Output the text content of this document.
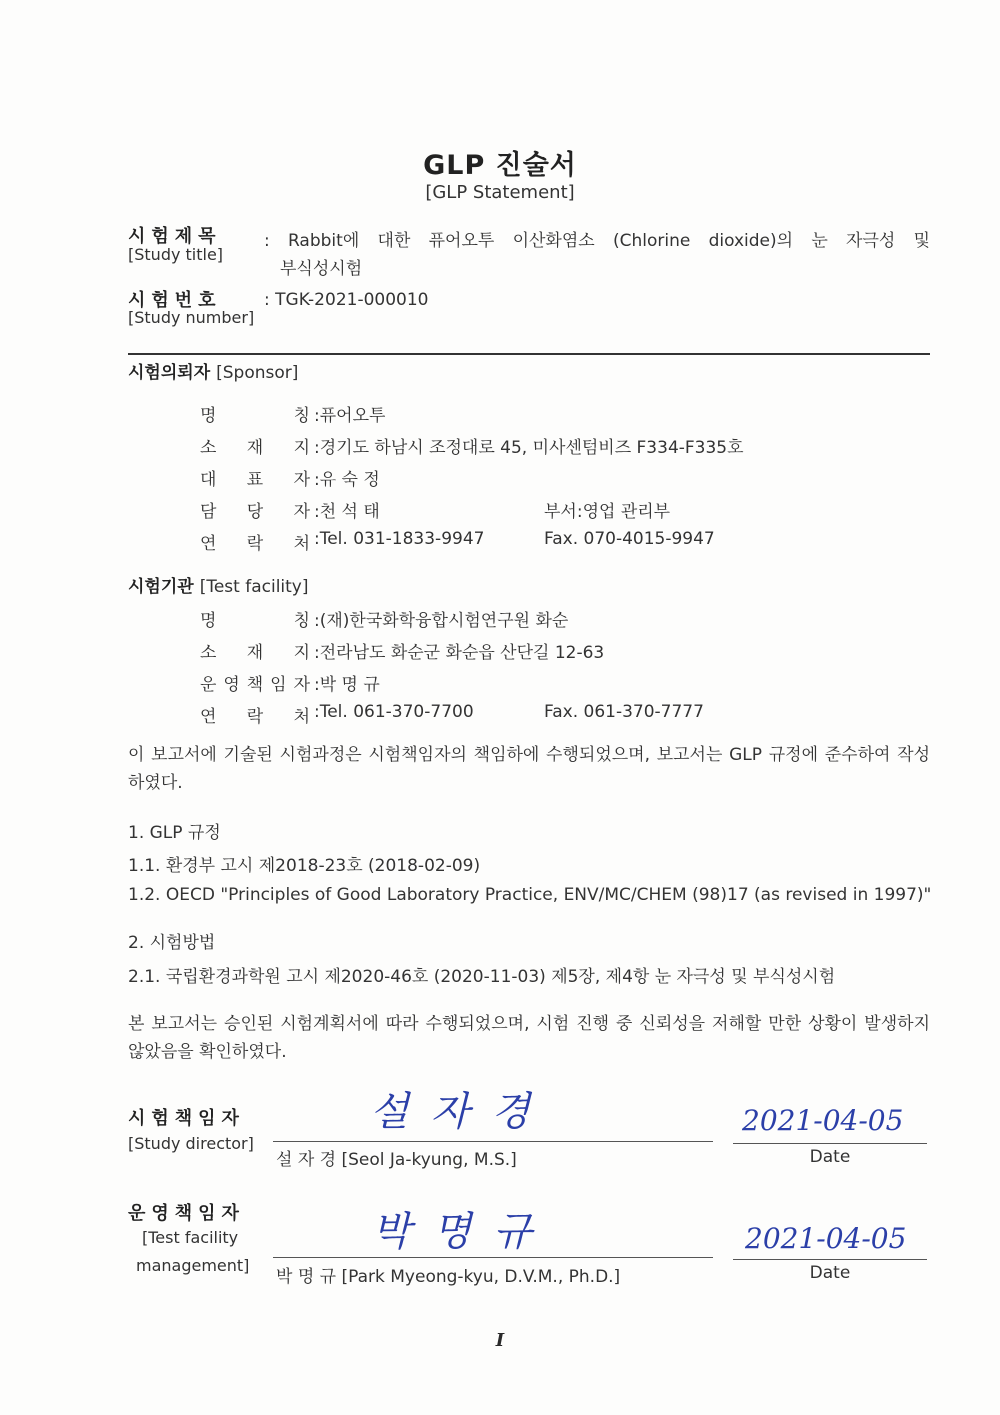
GLP 진술서
[GLP Statement]
시험제목
[Study title]
: Rabbit에 대한 퓨어오투 이산화염소 (Chlorine dioxide)의 눈 자극성 및
부식성시험
시험번호
[Study number]
: TGK-2021-000010
시험의뢰자 [Sponsor]
명	칭 :퓨어오투
소 재 지 :경기도 하남시 조정대로 45, 미사센텀비즈 F334-F335호
대 표 자 :유 숙 정
담 당 자 :천 석 태	부서:영업 관리부
연 락 처 :Tel. 031-1833-9947	Fax. 070-4015-9947
시험기관 [Test facility]
명	칭 :(재)한국화학융합시험연구원 화순
소 재 지 :전라남도 화순군 화순읍 산단길 12-63
운 영 책 임 자 :박 명 규
연 락 처 :Tel. 061-370-7700	Fax. 061-370-7777
이 보고서에 기술된 시험과정은 시험책임자의 책임하에 수행되었으며, 보고서는 GLP 규정에 준수하여 작성하였다.
1. GLP 규정
1.1. 환경부 고시 제2018-23호 (2018-02-09)
1.2. OECD "Principles of Good Laboratory Practice, ENV/MC/CHEM (98)17 (as revised in 1997)"
2. 시험방법
2.1. 국립환경과학원 고시 제2020-46호 (2020-11-03) 제5장, 제4항 눈 자극성 및 부식성시험
본 보고서는 승인된 시험계획서에 따라 수행되었으며, 시험 진행 중 신뢰성을 저해할 만한 상황이 발생하지 않았음을 확인하였다.
시험책임자
[Study director]
설자경
설 자 경 [Seol Ja-kyung, M.S.]
2021-04-05
Date
운영책임자
[Test facility
management]
박명규
박 명 규 [Park Myeong-kyu, D.V.M., Ph.D.]
2021-04-05
Date
I
